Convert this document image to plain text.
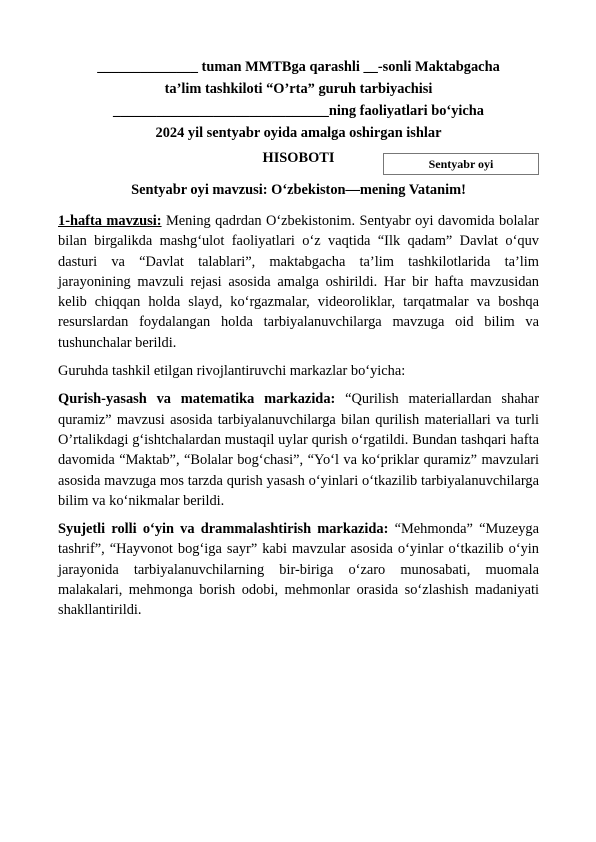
______________ tuman MMTBga qarashli __-sonli Maktabgacha

ta’lim tashkiloti “O’rta” guruh tarbiyachisi

______________________________ning faoliyatlari bo‘yicha

2024 yil sentyabr oyida amalga oshirgan ishlar

HISOBOTI	Sentyabr oyi
Sentyabr oyi mavzusi: O‘zbekiston—mening Vatanim!

1-hafta mavzusi: Mening qadrdan O‘zbekistonim. Sentyabr oyi davomida bolalar bilan birgalikda mashg‘ulot faoliyatlari o‘z vaqtida “Ilk qadam” Davlat o‘quv dasturi va “Davlat talablari”, maktabgacha ta’lim tashkilotlarida ta’lim jarayonining mavzuli rejasi asosida amalga oshirildi. Har bir hafta mavzusidan kelib chiqqan holda slayd, ko‘rgazmalar, videoroliklar, tarqatmalar va boshqa resurslardan foydalangan holda tarbiyalanuvchilarga mavzuga oid bilim va tushunchalar berildi.

Guruhda tashkil etilgan rivojlantiruvchi markazlar bo‘yicha:

Qurish-yasash va matematika markazida: “Qurilish materiallardan shahar quramiz” mavzusi asosida tarbiyalanuvchilarga bilan qurilish materiallari va turli O’rtalikdagi g‘ishtchalardan mustaqil uylar qurish o‘rgatildi. Bundan tashqari hafta davomida “Maktab”, “Bolalar bog‘chasi”, “Yo‘l va ko‘priklar quramiz” mavzulari asosida mavzuga mos tarzda qurish yasash o‘yinlari o‘tkazilib tarbiyalanuvchilarga bilim va ko‘nikmalar berildi.

Syujetli rolli o‘yin va drammalashtirish markazida: “Mehmonda” “Muzeyga tashrif”, “Hayvonot bog‘iga sayr” kabi mavzular asosida o‘yinlar o‘tkazilib o‘yin jarayonida tarbiyalanuvchilarning bir-biriga o‘zaro munosabati, muomala malakalari, mehmonga borish odobi, mehmonlar orasida so‘zlashish madaniyati shakllantirildi.
